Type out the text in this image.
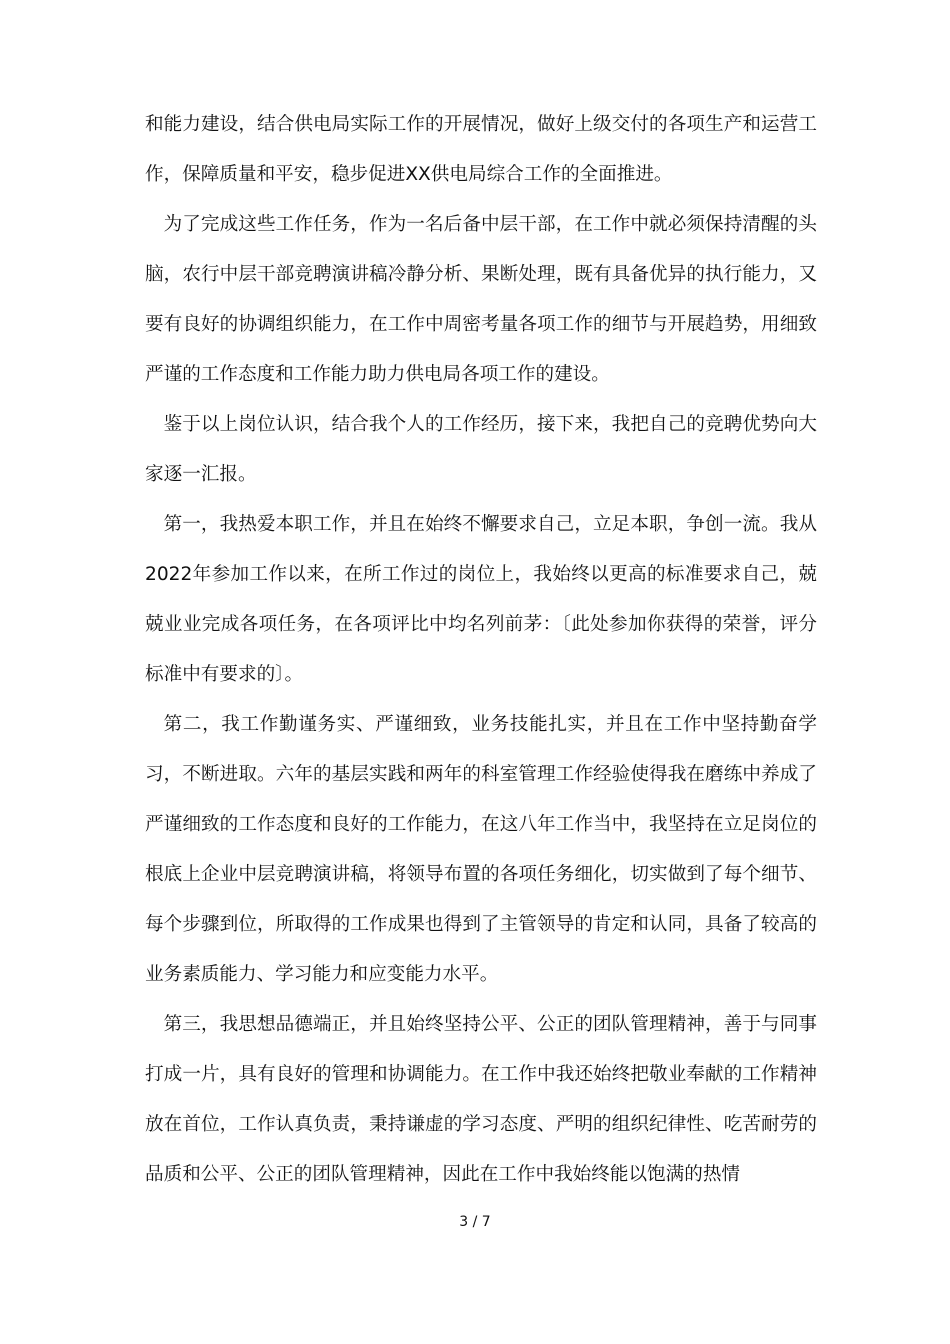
和能力建设，结合供电局实际工作的开展情况，做好上级交付的各项生产和运营工作，保障质量和平安，稳步促进XX供电局综合工作的全面推进。

为了完成这些工作任务，作为一名后备中层干部，在工作中就必须保持清醒的头脑，农行中层干部竞聘演讲稿冷静分析、果断处理，既有具备优异的执行能力，又要有良好的协调组织能力，在工作中周密考量各项工作的细节与开展趋势，用细致严谨的工作态度和工作能力助力供电局各项工作的建设。

鉴于以上岗位认识，结合我个人的工作经历，接下来，我把自己的竞聘优势向大家逐一汇报。

第一，我热爱本职工作，并且在始终不懈要求自己，立足本职，争创一流。我从2022年参加工作以来，在所工作过的岗位上，我始终以更高的标准要求自己，兢兢业业完成各项任务，在各项评比中均名列前茅：〔此处参加你获得的荣誉，评分标准中有要求的〕。

第二，我工作勤谨务实、严谨细致，业务技能扎实，并且在工作中坚持勤奋学习，不断进取。六年的基层实践和两年的科室管理工作经验使得我在磨练中养成了严谨细致的工作态度和良好的工作能力，在这八年工作当中，我坚持在立足岗位的根底上企业中层竞聘演讲稿，将领导布置的各项任务细化，切实做到了每个细节、每个步骤到位，所取得的工作成果也得到了主管领导的肯定和认同，具备了较高的业务素质能力、学习能力和应变能力水平。

第三，我思想品德端正，并且始终坚持公平、公正的团队管理精神，善于与同事打成一片，具有良好的管理和协调能力。在工作中我还始终把敬业奉献的工作精神放在首位，工作认真负责，秉持谦虚的学习态度、严明的组织纪律性、吃苦耐劳的品质和公平、公正的团队管理精神，因此在工作中我始终能以饱满的热情

3 / 7
